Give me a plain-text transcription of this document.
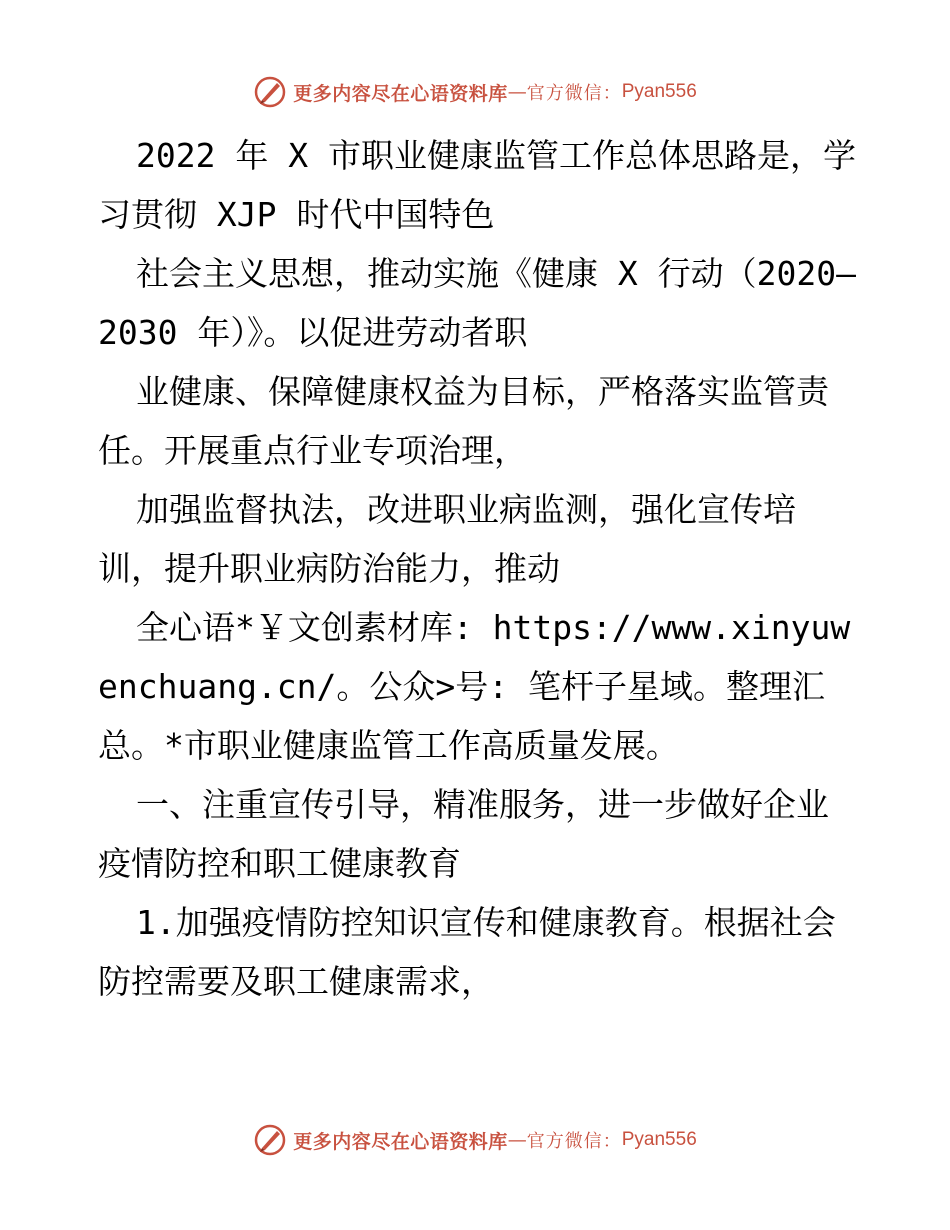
更多内容尽在心语资料库 — 官方微信： Pyan556

2022 年 X 市职业健康监管工作总体思路是，学习贯彻 XJP 时代中国特色

社会主义思想，推动实施《健康 X 行动（2020—2030 年）》。以促进劳动者职

业健康、保障健康权益为目标，严格落实监管责任。开展重点行业专项治理，

加强监督执法，改进职业病监测，强化宣传培训，提升职业病防治能力，推动

全心语*￥文创素材库: https://www.xinyuwenchuang.cn/。公众>号: 笔杆子星域。整理汇总。*市职业健康监管工作高质量发展。

一、注重宣传引导，精准服务，进一步做好企业疫情防控和职工健康教育

1.加强疫情防控知识宣传和健康教育。根据社会防控需要及职工健康需求，

更多内容尽在心语资料库 — 官方微信： Pyan556
